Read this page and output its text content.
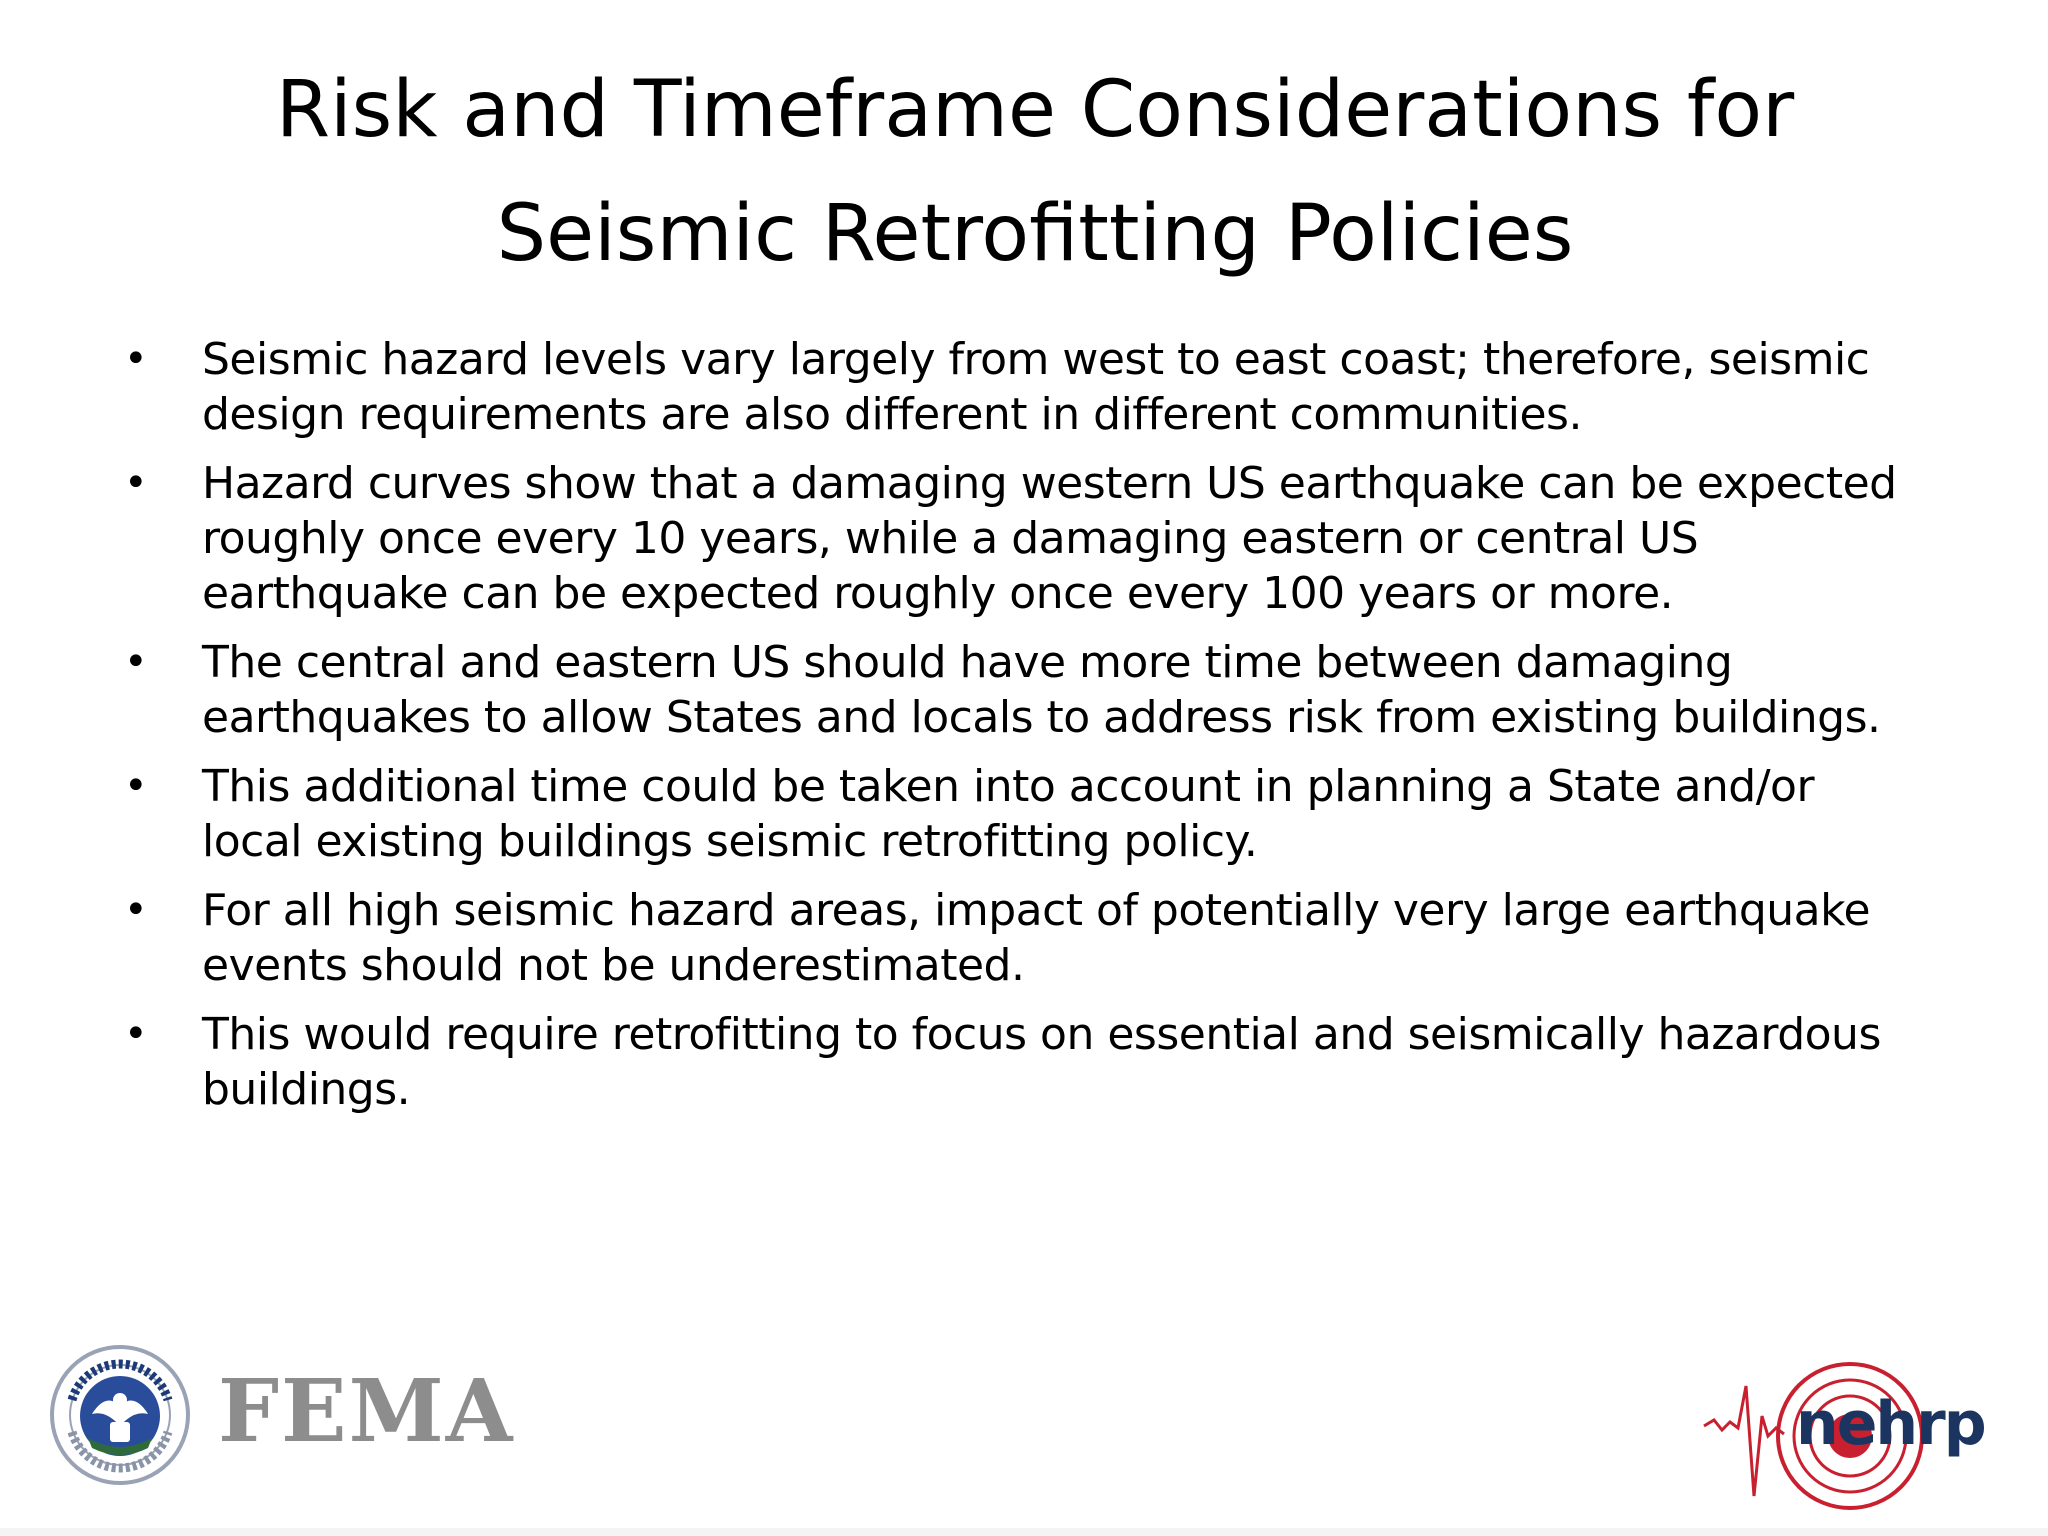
Risk and Timeframe Considerations for
Seismic Retrofitting Policies
• Seismic hazard levels vary largely from west to east coast; therefore, seismic design requirements are also different in different communities.
• Hazard curves show that a damaging western US earthquake can be expected roughly once every 10 years, while a damaging eastern or central US earthquake can be expected roughly once every 100 years or more.
• The central and eastern US should have more time between damaging earthquakes to allow States and locals to address risk from existing buildings.
• This additional time could be taken into account in planning a State and/or local existing buildings seismic retrofitting policy.
• For all high seismic hazard areas, impact of potentially very large earthquake events should not be underestimated.
• This would require retrofitting to focus on essential and seismically hazardous buildings.
FEMA	nehrp
